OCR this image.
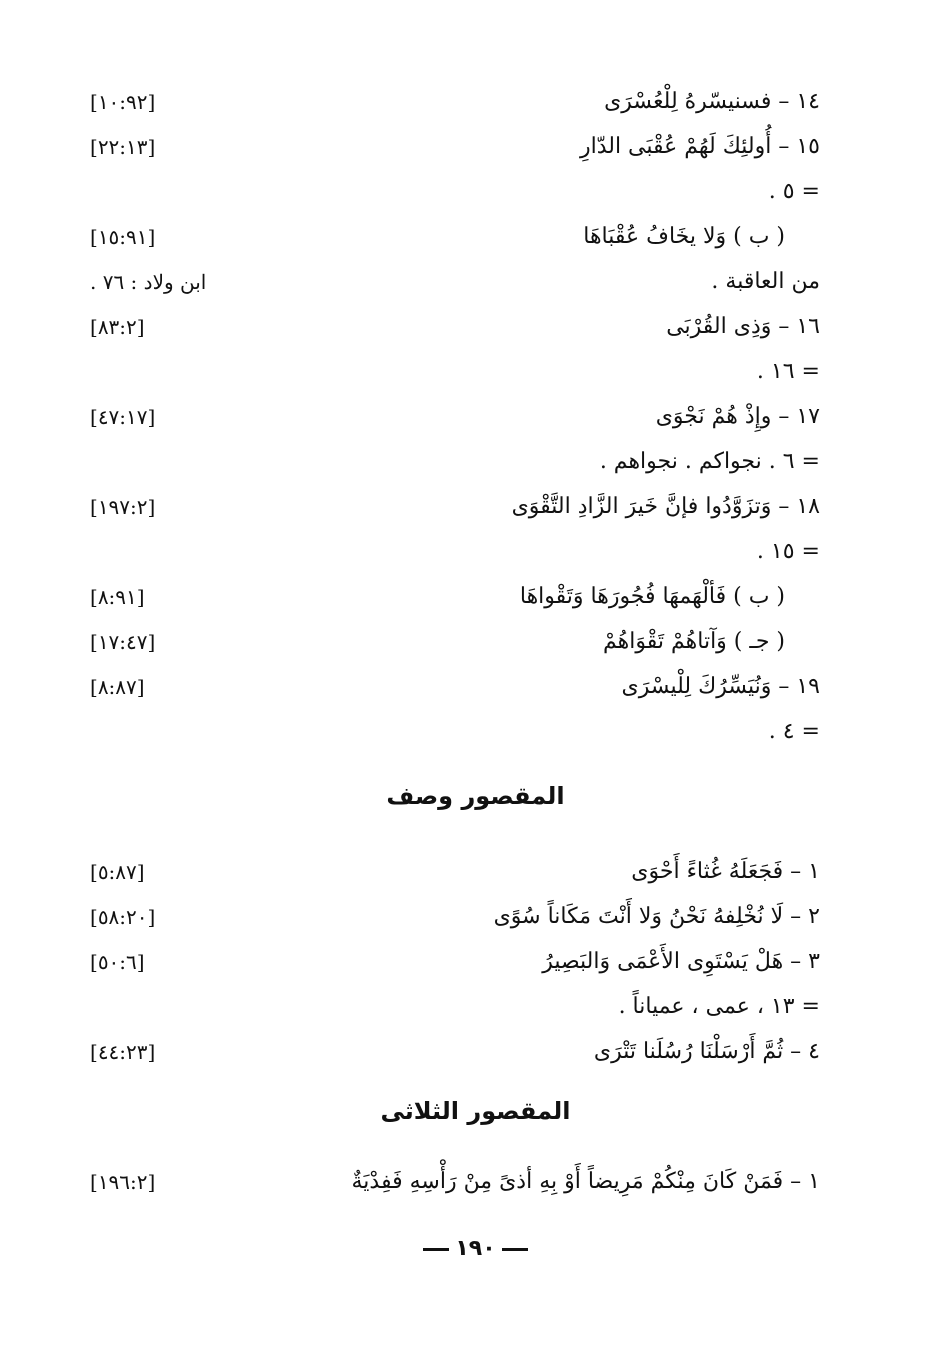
١٤ – فسنيسّرهُ لِلْعُسْرَى
[١٠:٩٢]
١٥ – أُولئِكَ لَهُمْ عُقْبَى الدّارِ
[٢٢:١٣]
= ٥ .
( ب ) وَلا يخَافُ عُقْبَاهَا
[١٥:٩١]
من العاقبة .
ابن ولاد : ٧٦ .
١٦ – وَذِى القُرْبَى
[٨٣:٢]
= ١٦ .
١٧ – وإِذْ هُمْ نَجْوَى
[٤٧:١٧]
= ٦ . نجواكم . نجواهم .
١٨ – وَتزَوَّدُوا فإنَّ خَيرَ الزَّادِ التَّقْوَى
[١٩٧:٢]
= ١٥ .
( ب ) فَألْهَمهَا فُجُورَهَا وَتَقْواهَا
[٨:٩١]
( جـ ) وَآتاهُمْ تَقْوَاهُمْ
[١٧:٤٧]
١٩ – وَنُيَسِّرُكَ لِلْيسْرَى
[٨:٨٧]
= ٤ .
المقصور وصف
١ – فَجَعَلَهُ غُثاءً أَحْوَى
[٥:٨٧]
٢ – لَا نُخْلِفهُ نَحْنُ وَلا أَنْتَ مَكَاناً سُوًى
[٥٨:٢٠]
٣ – هَلْ يَسْتَوِى الأَعْمَى وَالبَصِيرُ
[٥٠:٦]
= ١٣ ، عمى ، عمياناً .
٤ – ثُمَّ أَرْسَلْنَا رُسُلَنا تَتْرَى
[٤٤:٢٣]
المقصور الثلاثى
١ – فَمَنْ كَانَ مِنْكُمْ مَرِيضاً أَوْ بِهِ أذىً مِنْ رَأْسِهِ فَفِدْيَةٌ
[١٩٦:٢]
١٩٠
